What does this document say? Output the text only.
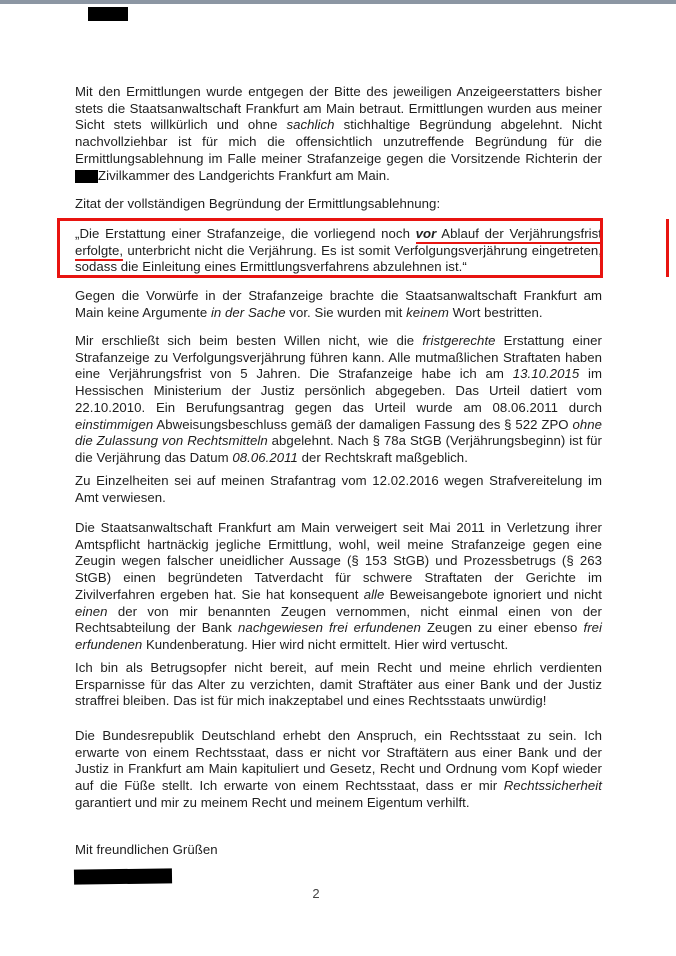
Mit den Ermittlungen wurde entgegen der Bitte des jeweiligen Anzeigeerstatters bisher stets die Staatsanwaltschaft Frankfurt am Main betraut. Ermittlungen wurden aus meiner Sicht stets willkürlich und ohne sachlich stichhaltige Begründung abgelehnt. Nicht nachvollziehbar ist für mich die offensichtlich unzutreffende Begründung für die Ermittlungsablehnung im Falle meiner Strafanzeige gegen die Vorsitzende Richterin der Zivilkammer des Landgerichts Frankfurt am Main.
Zitat der vollständigen Begründung der Ermittlungsablehnung:
„Die Erstattung einer Strafanzeige, die vorliegend noch vor Ablauf der Verjährungsfrist erfolgte, unterbricht nicht die Verjährung. Es ist somit Verfolgungsverjährung eingetreten, sodass die Einleitung eines Ermittlungsverfahrens abzulehnen ist.“
Gegen die Vorwürfe in der Strafanzeige brachte die Staatsanwaltschaft Frankfurt am Main keine Argumente in der Sache vor. Sie wurden mit keinem Wort bestritten.
Mir erschließt sich beim besten Willen nicht, wie die fristgerechte Erstattung einer Strafanzeige zu Verfolgungsverjährung führen kann. Alle mutmaßlichen Straftaten haben eine Verjährungsfrist von 5 Jahren. Die Strafanzeige habe ich am 13.10.2015 im Hessischen Ministerium der Justiz persönlich abgegeben. Das Urteil datiert vom 22.10.2010. Ein Berufungsantrag gegen das Urteil wurde am 08.06.2011 durch einstimmigen Abweisungsbeschluss gemäß der damaligen Fassung des § 522 ZPO ohne die Zulassung von Rechtsmitteln abgelehnt. Nach § 78a StGB (Verjährungsbeginn) ist für die Verjährung das Datum 08.06.2011 der Rechtskraft maßgeblich.
Zu Einzelheiten sei auf meinen Strafantrag vom 12.02.2016 wegen Strafvereitelung im Amt verwiesen.
Die Staatsanwaltschaft Frankfurt am Main verweigert seit Mai 2011 in Verletzung ihrer Amtspflicht hartnäckig jegliche Ermittlung, wohl, weil meine Strafanzeige gegen eine Zeugin wegen falscher uneidlicher Aussage (§ 153 StGB) und Prozessbetrugs (§ 263 StGB) einen begründeten Tatverdacht für schwere Straftaten der Gerichte im Zivilverfahren ergeben hat. Sie hat konsequent alle Beweisangebote ignoriert und nicht einen der von mir benannten Zeugen vernommen, nicht einmal einen von der Rechtsabteilung der Bank nachgewiesen frei erfundenen Zeugen zu einer ebenso frei erfundenen Kundenberatung. Hier wird nicht ermittelt. Hier wird vertuscht.
Ich bin als Betrugsopfer nicht bereit, auf mein Recht und meine ehrlich verdienten Ersparnisse für das Alter zu verzichten, damit Straftäter aus einer Bank und der Justiz straffrei bleiben. Das ist für mich inakzeptabel und eines Rechtsstaats unwürdig!
Die Bundesrepublik Deutschland erhebt den Anspruch, ein Rechtsstaat zu sein. Ich erwarte von einem Rechtsstaat, dass er nicht vor Straftätern aus einer Bank und der Justiz in Frankfurt am Main kapituliert und Gesetz, Recht und Ordnung vom Kopf wieder auf die Füße stellt. Ich erwarte von einem Rechtsstaat, dass er mir Rechtssicherheit garantiert und mir zu meinem Recht und meinem Eigentum verhilft.
Mit freundlichen Grüßen
2
